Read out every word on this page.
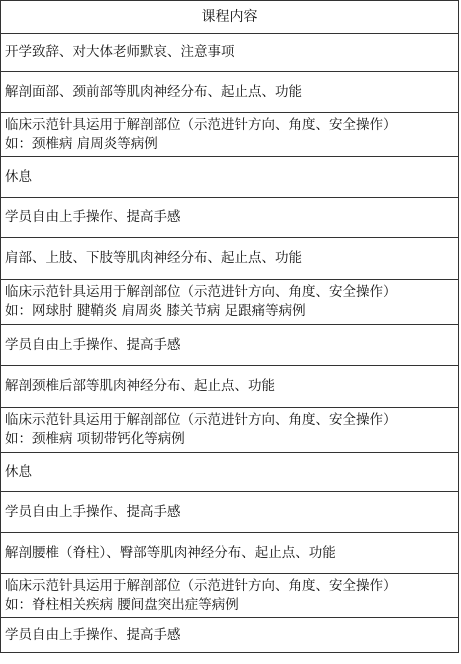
课程内容
开学致辞、对大体老师默哀、注意事项
解剖面部、颈前部等肌肉神经分布、起止点、功能
临床示范针具运用于解剖部位（示范进针方向、角度、安全操作）
如：颈椎病 肩周炎等病例
休息
学员自由上手操作、提高手感
肩部、上肢、下肢等肌肉神经分布、起止点、功能
临床示范针具运用于解剖部位（示范进针方向、角度、安全操作）
如：网球肘 腱鞘炎 肩周炎 膝关节病 足跟痛等病例
学员自由上手操作、提高手感
解剖颈椎后部等肌肉神经分布、起止点、功能
临床示范针具运用于解剖部位（示范进针方向、角度、安全操作）
如：颈椎病 项韧带钙化等病例
休息
学员自由上手操作、提高手感
解剖腰椎（脊柱）、臀部等肌肉神经分布、起止点、功能
临床示范针具运用于解剖部位（示范进针方向、角度、安全操作）
如：脊柱相关疾病 腰间盘突出症等病例
学员自由上手操作、提高手感
